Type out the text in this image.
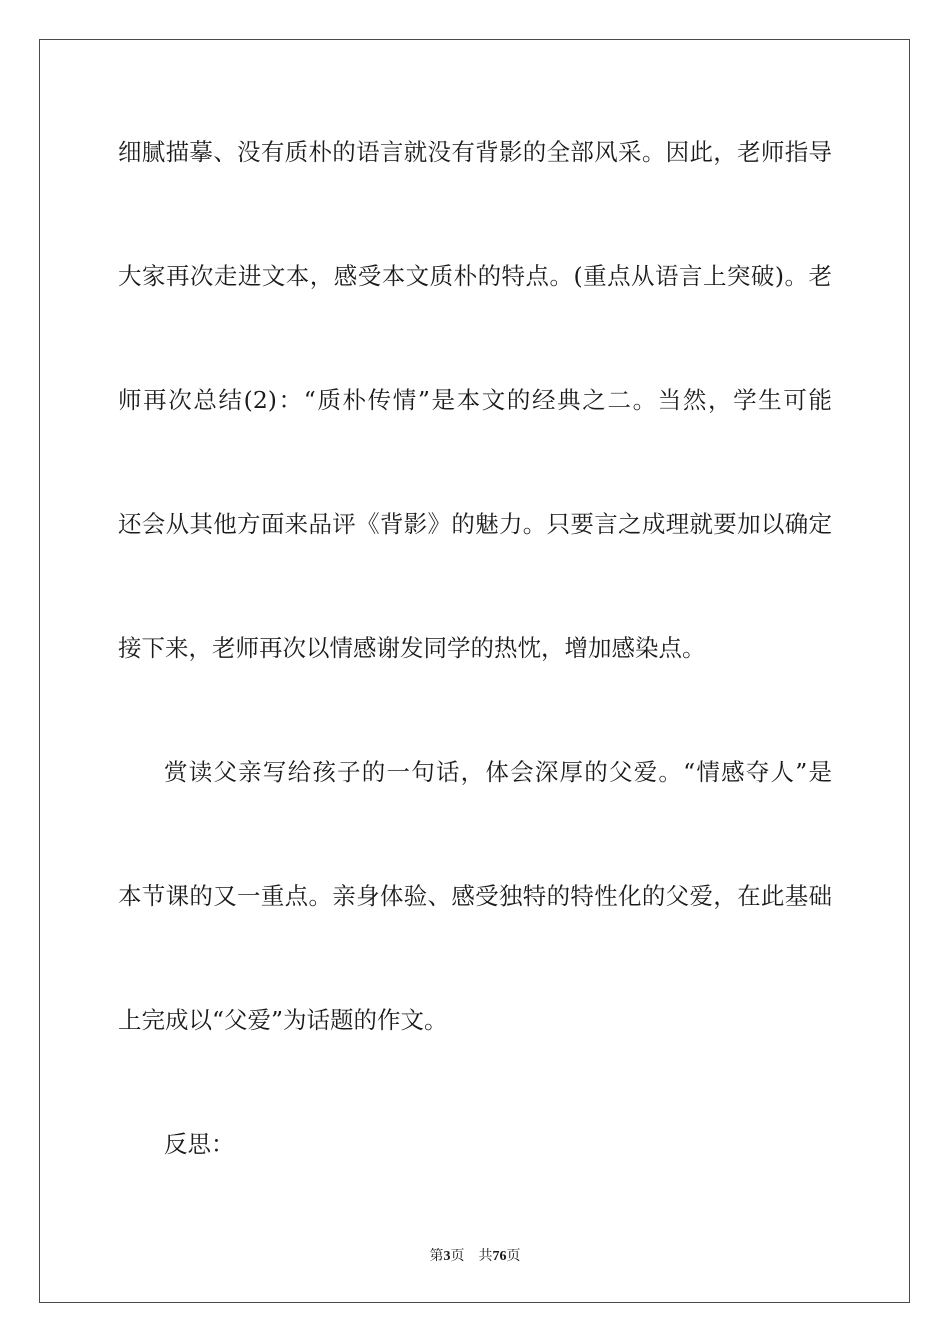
细腻描摹、没有质朴的语言就没有背影的全部风采。因此，老师指导
大家再次走进文本，感受本文质朴的特点。(重点从语言上突破)。老
师再次总结(2)：“质朴传情”是本文的经典之二。当然，学生可能
还会从其他方面来品评《背影》的魅力。只要言之成理就要加以确定
接下来，老师再次以情感谢发同学的热忱，增加感染点。
赏读父亲写给孩子的一句话，体会深厚的父爱。“情感夺人”是
本节课的又一重点。亲身体验、感受独特的特性化的父爱，在此基础
上完成以“父爱”为话题的作文。
反思：
第3页 共76页
